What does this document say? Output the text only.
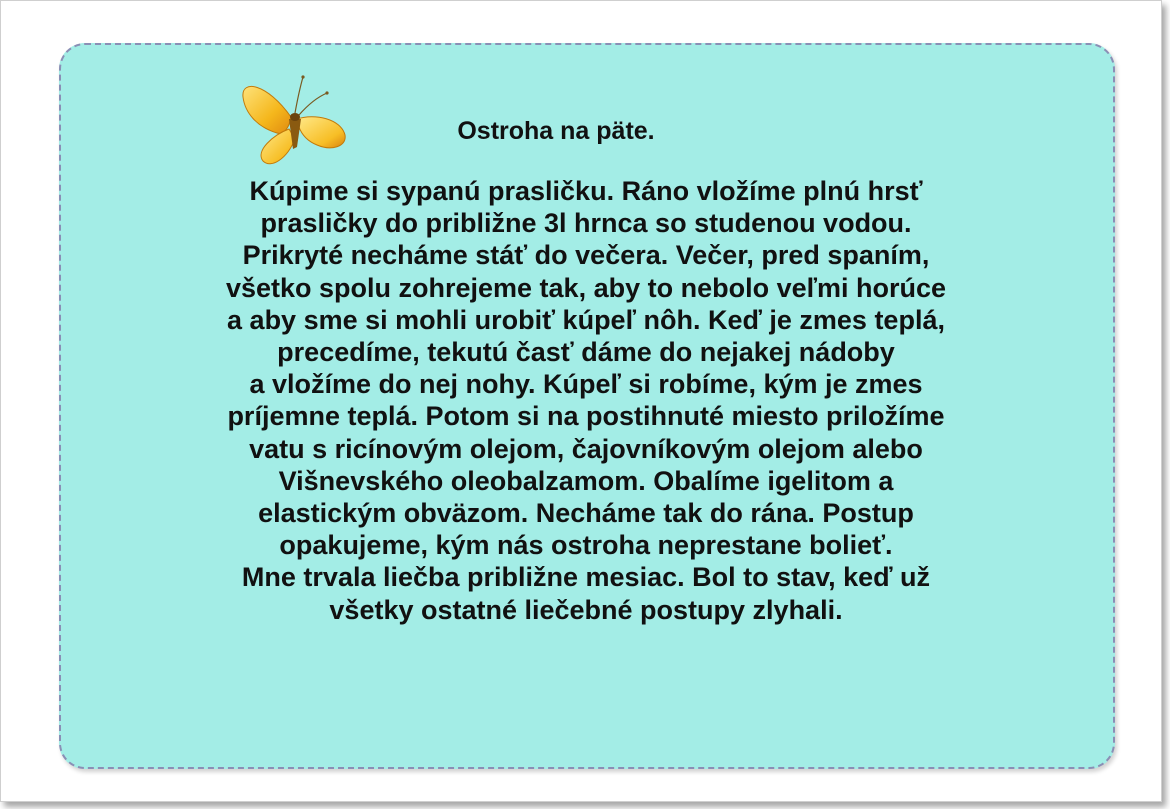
Ostroha na päte.
Kúpime si sypanú prasličku. Ráno vložíme plnú hrsť
prasličky do približne 3l hrnca so studenou vodou.
Prikryté necháme stáť do večera. Večer, pred spaním,
všetko spolu zohrejeme tak, aby to nebolo veľmi horúce
a aby sme si mohli urobiť kúpeľ nôh. Keď je zmes teplá,
precedíme, tekutú časť dáme do nejakej nádoby
a vložíme do nej nohy. Kúpeľ si robíme, kým je zmes
príjemne teplá. Potom si na postihnuté miesto priložíme
vatu s ricínovým olejom, čajovníkovým olejom alebo
Višnevského oleobalzamom. Obalíme igelitom a
elastickým obväzom. Necháme tak do rána. Postup
opakujeme, kým nás ostroha neprestane bolieť.
Mne trvala liečba približne mesiac. Bol to stav, keď už
všetky ostatné liečebné postupy zlyhali.
